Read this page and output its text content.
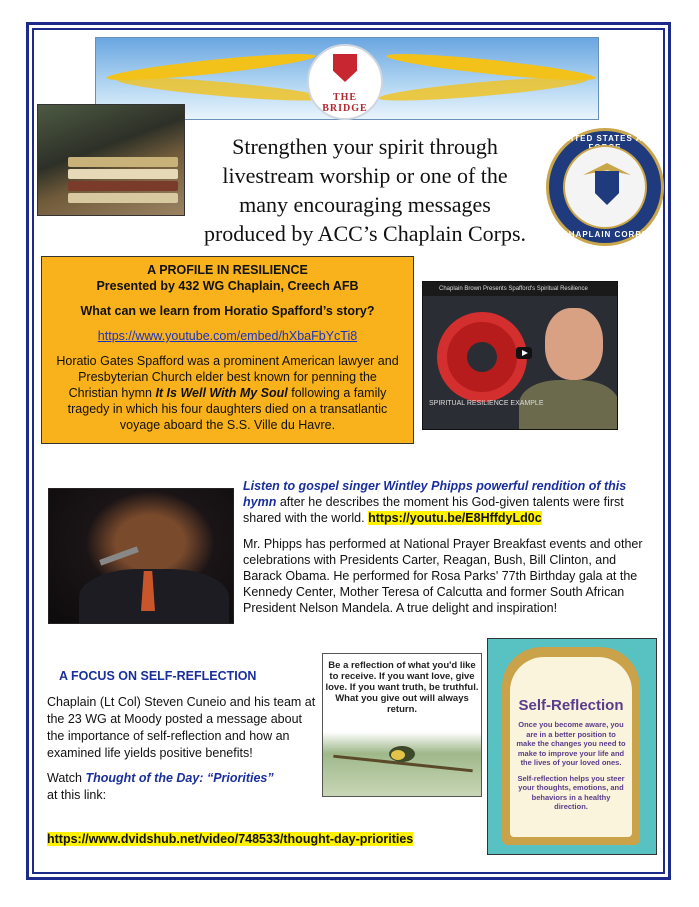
THE BRIDGE
Strengthen your spirit through
livestream worship or one of the
many encouraging messages
produced by ACC’s Chaplain Corps.
UNITED STATES AIR
CHAPLAIN CORPS

A PROFILE IN RESILIENCE

Presented by 432 WG Chaplain, Creech AFB

What can we learn from Horatio Spafford’s story?

https://www.youtube.com/embed/hXbaFbYcTi8

Horatio Gates Spafford was a prominent American lawyer and Presbyterian Church elder best known for penning the Christian hymn It Is Well With My Soul following a family tragedy in which his four daughters died on a transatlantic voyage aboard the S.S. Ville du Havre.

Chaplain Brown Presents Spafford's Spiritual Resilience
SPIRITUAL RESILIENCE EXAMPLE

Listen to gospel singer Wintley Phipps powerful rendition of this hymn after he describes the moment his God-given talents were first shared with the world. https://youtu.be/E8HffdyLd0c

Mr. Phipps has performed at National Prayer Breakfast events and other celebrations with Presidents Carter, Reagan, Bush, Bill Clinton, and Barack Obama. He performed for Rosa Parks' 77th Birthday gala at the Kennedy Center, Mother Teresa of Calcutta and former South African President Nelson Mandela. A true delight and inspiration!

A FOCUS ON SELF-REFLECTION

Chaplain (Lt Col) Steven Cuneio and his team at the 23 WG at Moody posted a message about the importance of self-reflection and how an examined life yields positive benefits!

Watch Thought of the Day: “Priorities”
at this link:

https://www.dvidshub.net/video/748533/thought-day-priorities
Be a reflection of what you'd like to receive. If you want love, give love. If you want truth, be truthful. What you give out will always return.	Self-Reflection
Once you become aware, you are in a better position to make the changes you need to make to improve your life and the lives of your loved ones.
Self-reflection helps you steer your thoughts, emotions, and behaviors in a healthy direction.
